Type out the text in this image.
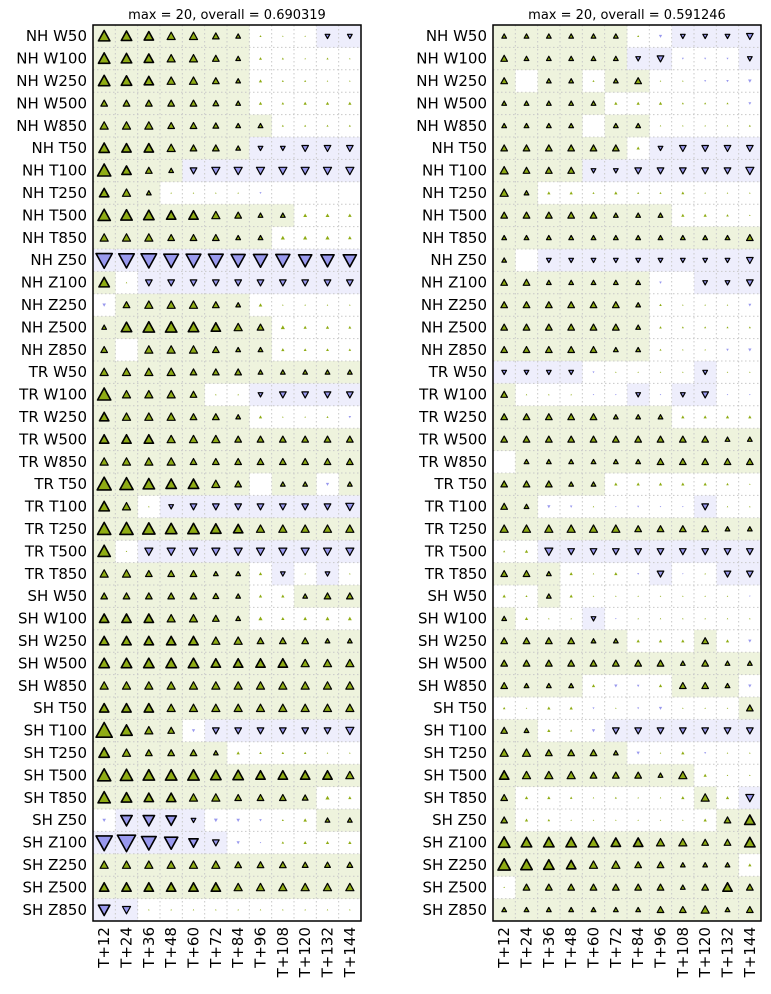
max = 20, overall = 0.690319
NH W50
NH W100
NH W250
NH W500
NH W850
NH T50
NH T100
NH T250
NH T500
NH T850
NH Z50
NH Z100
NH Z250
NH Z500
NH Z850
TR W50
TR W100
TR W250
TR W500
TR W850
TR T50
TR T100
TR T250
TR T500
TR T850
SH W50
SH W100
SH W250
SH W500
SH W850
SH T50
SH T100
SH T250
SH T500
SH T850
SH Z50
SH Z100
SH Z250
SH Z500
SH Z850
T+12 T+24 T+36 T+48 T+60 T+72 T+84 T+96 T+108 T+120 T+132 T+144
max = 20, overall = 0.591246
NH W50
NH W100
NH W250
NH W500
NH W850
NH T50
NH T100
NH T250
NH T500
NH T850
NH Z50
NH Z100
NH Z250
NH Z500
NH Z850
TR W50
TR W100
TR W250
TR W500
TR W850
TR T50
TR T100
TR T250
TR T500
TR T850
SH W50
SH W100
SH W250
SH W500
SH W850
SH T50
SH T100
SH T250
SH T500
SH T850
SH Z50
SH Z100
SH Z250
SH Z500
SH Z850
T+12 T+24 T+36 T+48 T+60 T+72 T+84 T+96 T+108 T+120 T+132 T+144
